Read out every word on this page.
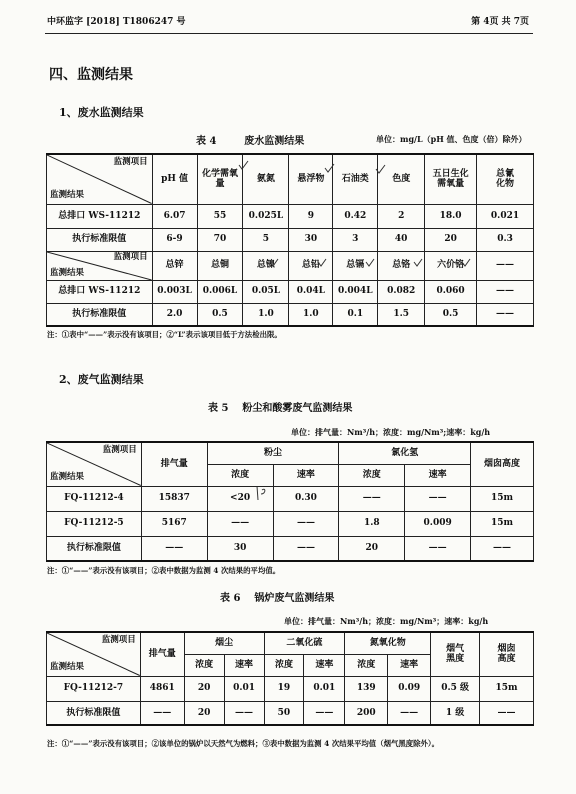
中环监字 [2018] T1806247 号	第 4页 共 7页
四、监测结果
1、废水监测结果
表 4        废水监测结果	单位：mg/L（pH 值、色度（倍）除外）
监测项目
监测结果	pH 值	化学需氧量	氨氮	悬浮物	石油类	色度	五日生化需氧量	总氰化物
总排口 WS-11212	6.07	55	0.025L	9	0.42	2	18.0	0.021
执行标准限值	6-9	70	5	30	3	40	20	0.3

监测项目
监测结果	总锌	总铜	总镍	总铅	总镉	总铬	六价铬	——
总排口 WS-11212	0.003L	0.006L	0.05L	0.04L	0.004L	0.082	0.060	——
执行标准限值	2.0	0.5	1.0	1.0	0.1	1.5	0.5	——
注：①表中“——”表示没有该项目；②“L”表示该项目低于方法检出限。
2、废气监测结果
表 5    粉尘和酸雾废气监测结果
单位：排气量：Nm³/h；浓度：mg/Nm³;速率：kg/h
监测项目
监测结果	排气量	粉尘		氯化氢		烟囱高度
		浓度	速率	浓度	速率	
FQ-11212-4	15837	<20	0.30	——	——	15m
FQ-11212-5	5167	——	——	1.8	0.009	15m
执行标准限值	——	30	——	20	——	——
注：①“——”表示没有该项目；②表中数据为监测 4 次结果的平均值。
表 6    锅炉废气监测结果
单位：排气量：Nm³/h；浓度：mg/Nm³；速率：kg/h
监测项目
监测结果	排气量	烟尘		二氧化硫		氮氧化物		烟气黑度	烟囱高度
		浓度	速率	浓度	速率	浓度	速率		
FQ-11212-7	4861	20	0.01	19	0.01	139	0.09	0.5 级	15m
执行标准限值	——	20	——	50	——	200	——	1 级	——
注：①“——”表示没有该项目；②该单位的锅炉以天然气为燃料；③表中数据为监测 4 次结果平均值（烟气黑度除外）。
